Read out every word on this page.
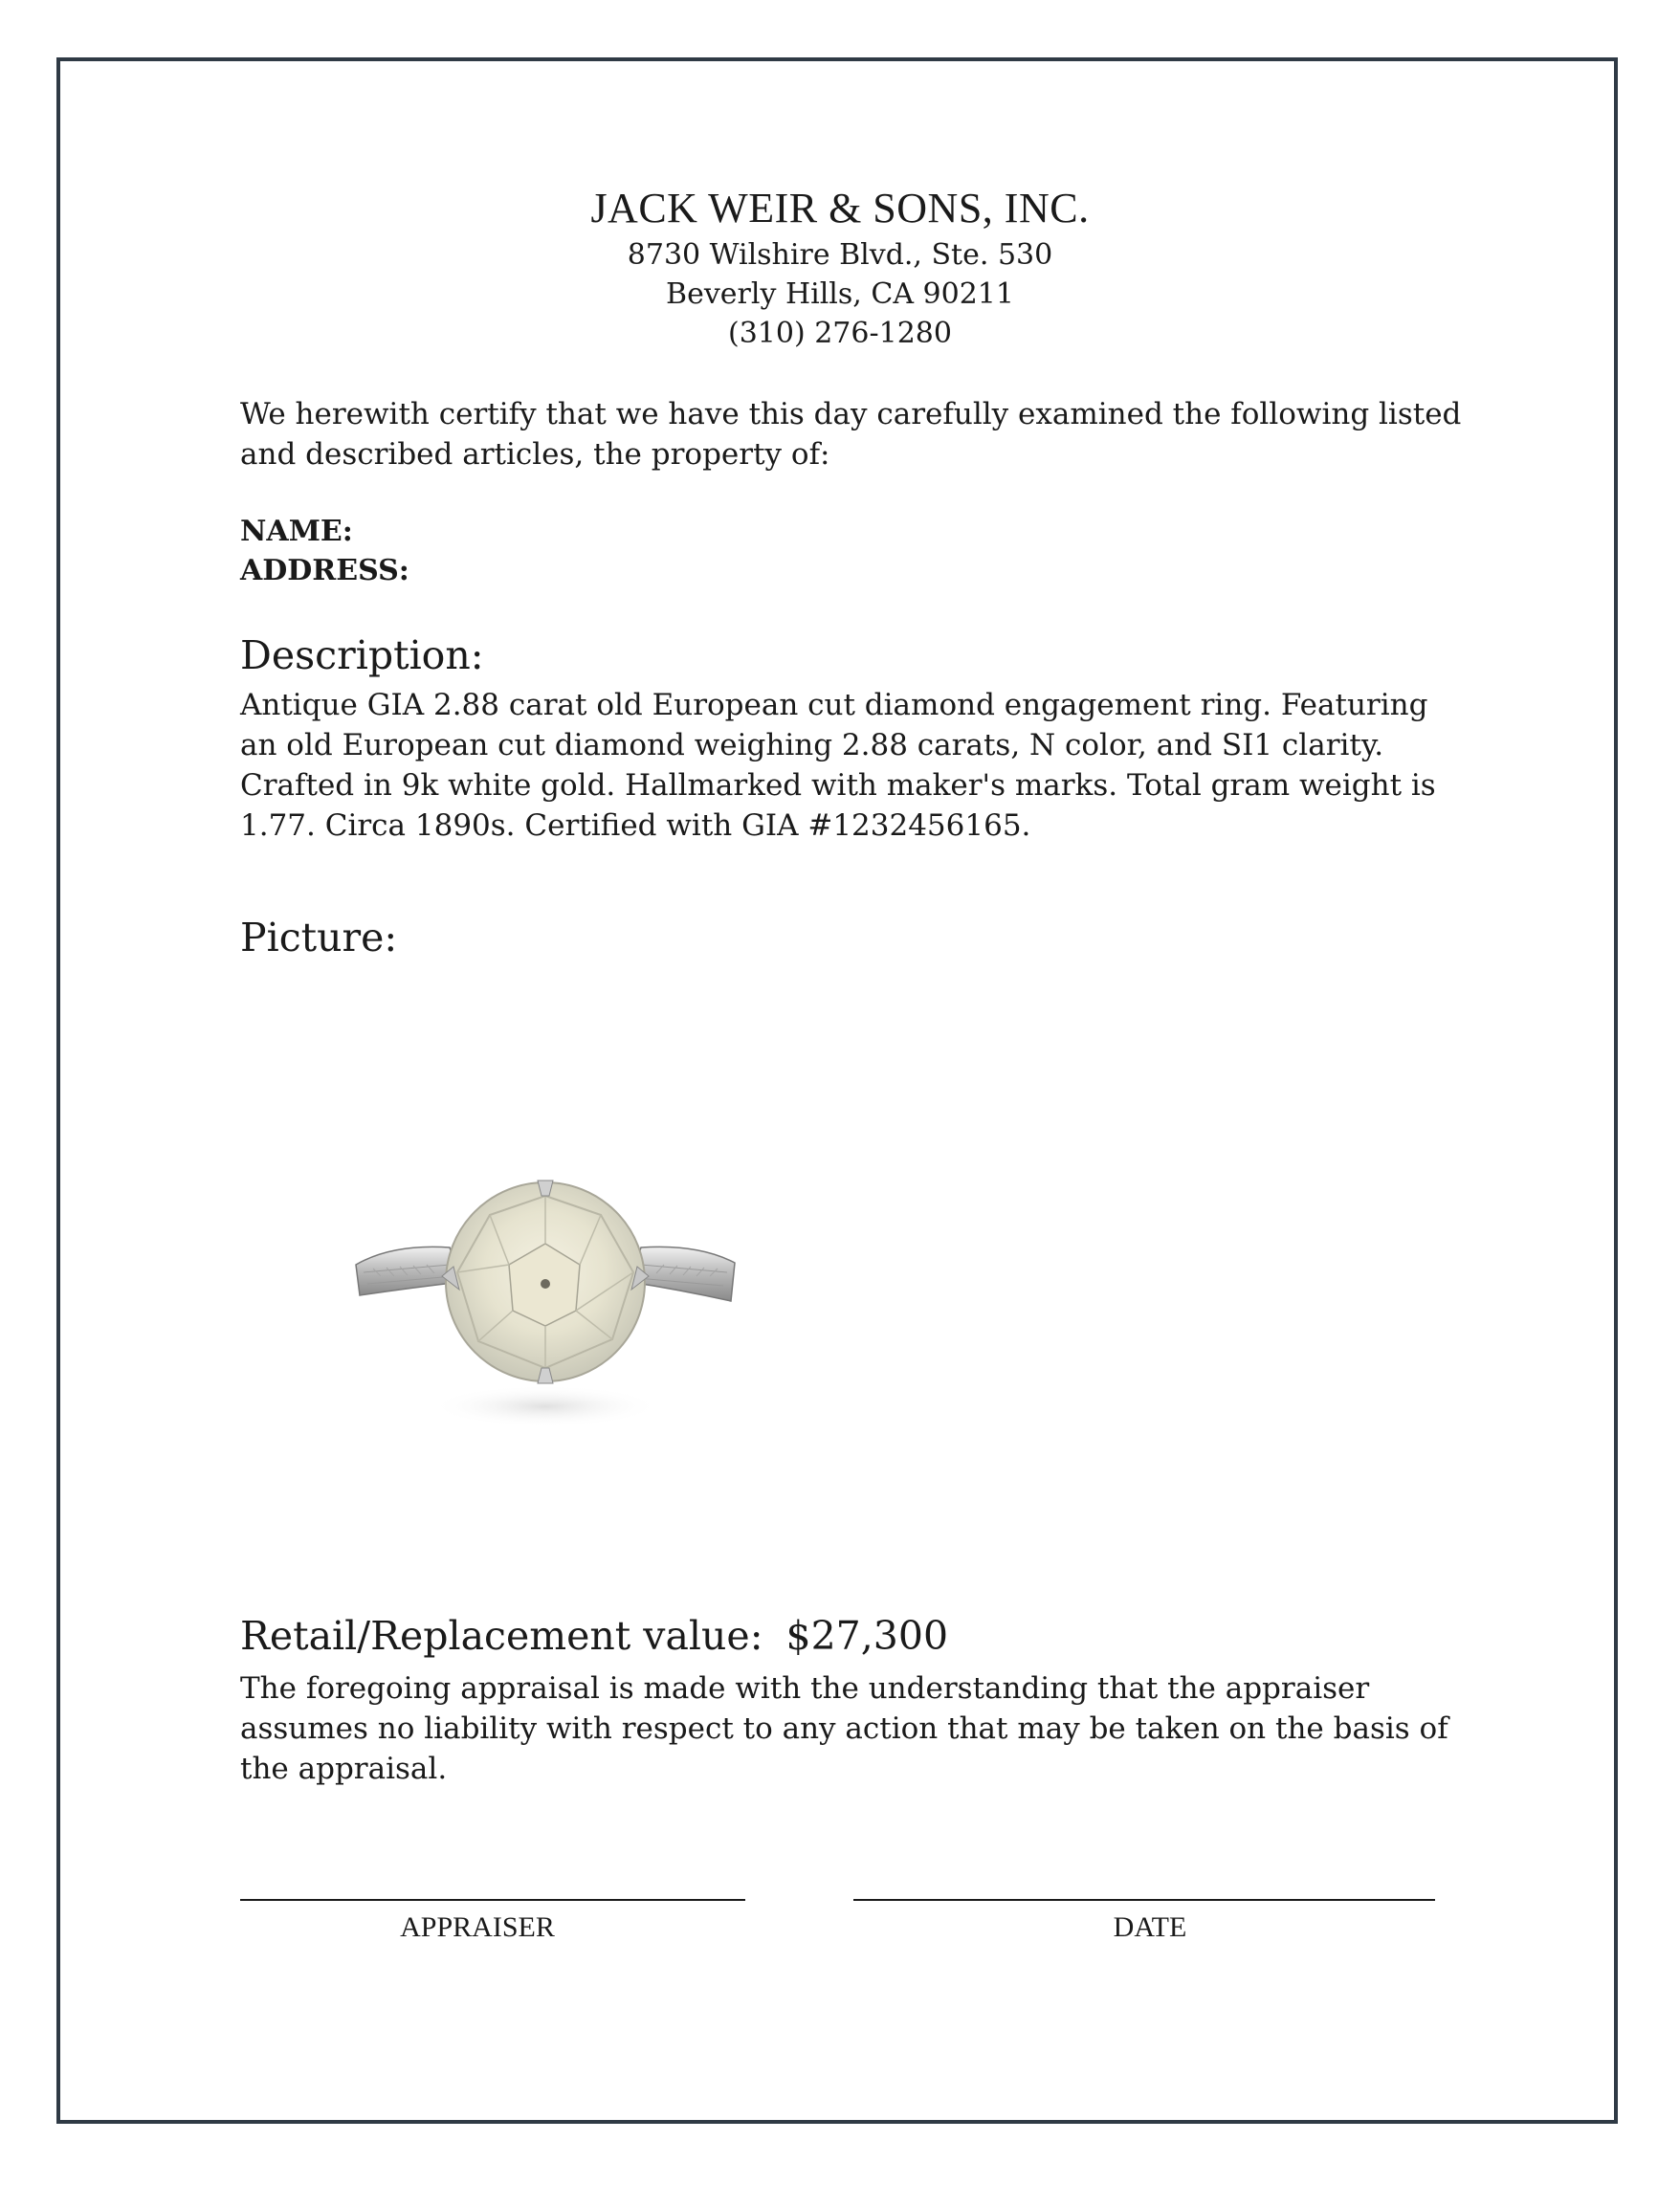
JACK WEIR & SONS, INC.
8730 Wilshire Blvd., Ste. 530
Beverly Hills, CA 90211
(310) 276-1280
We herewith certify that we have this day carefully examined the following listed and described articles, the property of:
NAME:
ADDRESS:
Description:
Antique GIA 2.88 carat old European cut diamond engagement ring. Featuring an old European cut diamond weighing 2.88 carats, N color, and SI1 clarity. Crafted in 9k white gold. Hallmarked with maker's marks. Total gram weight is 1.77. Circa 1890s. Certified with GIA #1232456165.
Picture:
Retail/Replacement value: $27,300
The foregoing appraisal is made with the understanding that the appraiser assumes no liability with respect to any action that may be taken on the basis of the appraisal.
APPRAISER	DATE
